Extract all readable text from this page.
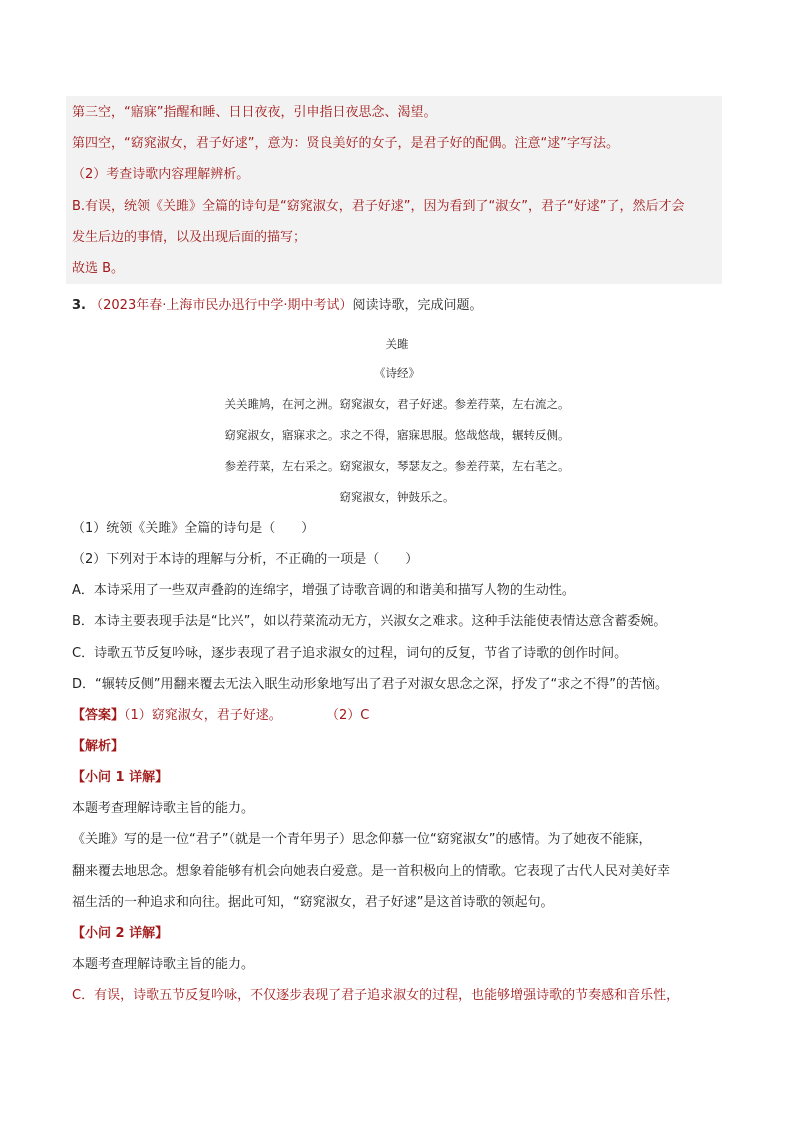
第三空，“寤寐”指醒和睡、日日夜夜，引申指日夜思念、渴望。
第四空，“窈窕淑女，君子好逑”，意为：贤良美好的女子，是君子好的配偶。注意“逑”字写法。
（2）考查诗歌内容理解辨析。
B.有误，统领《关雎》全篇的诗句是“窈窕淑女，君子好逑”，因为看到了“淑女”，君子“好逑”了，然后才会
发生后边的事情，以及出现后面的描写；
故选 B。
3. （2023年春·上海市民办迅行中学·期中考试）阅读诗歌，完成问题。
关雎
《诗经》
关关雎鸠，在河之洲。窈窕淑女，君子好逑。参差荇菜，左右流之。
窈窕淑女，寤寐求之。求之不得，寤寐思服。悠哉悠哉，辗转反侧。
参差荇菜，左右采之。窈窕淑女，琴瑟友之。参差荇菜，左右芼之。
窈窕淑女，钟鼓乐之。
（1）统领《关雎》全篇的诗句是（　　）
（2）下列对于本诗的理解与分析，不正确的一项是（　　）
A．本诗采用了一些双声叠韵的连绵字，增强了诗歌音调的和谐美和描写人物的生动性。
B．本诗主要表现手法是“比兴”，如以荇菜流动无方，兴淑女之难求。这种手法能使表情达意含蓄委婉。
C．诗歌五节反复吟咏，逐步表现了君子追求淑女的过程，词句的反复，节省了诗歌的创作时间。
D．“辗转反侧”用翻来覆去无法入眠生动形象地写出了君子对淑女思念之深，抒发了“求之不得”的苦恼。
【答案】（1）窈窕淑女，君子好逑。	（2）C
【解析】
【小问 1 详解】
本题考查理解诗歌主旨的能力。
《关雎》写的是一位“君子”（就是一个青年男子）思念仰慕一位“窈窕淑女”的感情。为了她夜不能寐，
翻来覆去地思念。想象着能够有机会向她表白爱意。是一首积极向上的情歌。它表现了古代人民对美好幸
福生活的一种追求和向往。据此可知，“窈窕淑女，君子好逑”是这首诗歌的领起句。
【小问 2 详解】
本题考查理解诗歌主旨的能力。
C．有误，诗歌五节反复吟咏，不仅逐步表现了君子追求淑女的过程，也能够增强诗歌的节奏感和音乐性，
